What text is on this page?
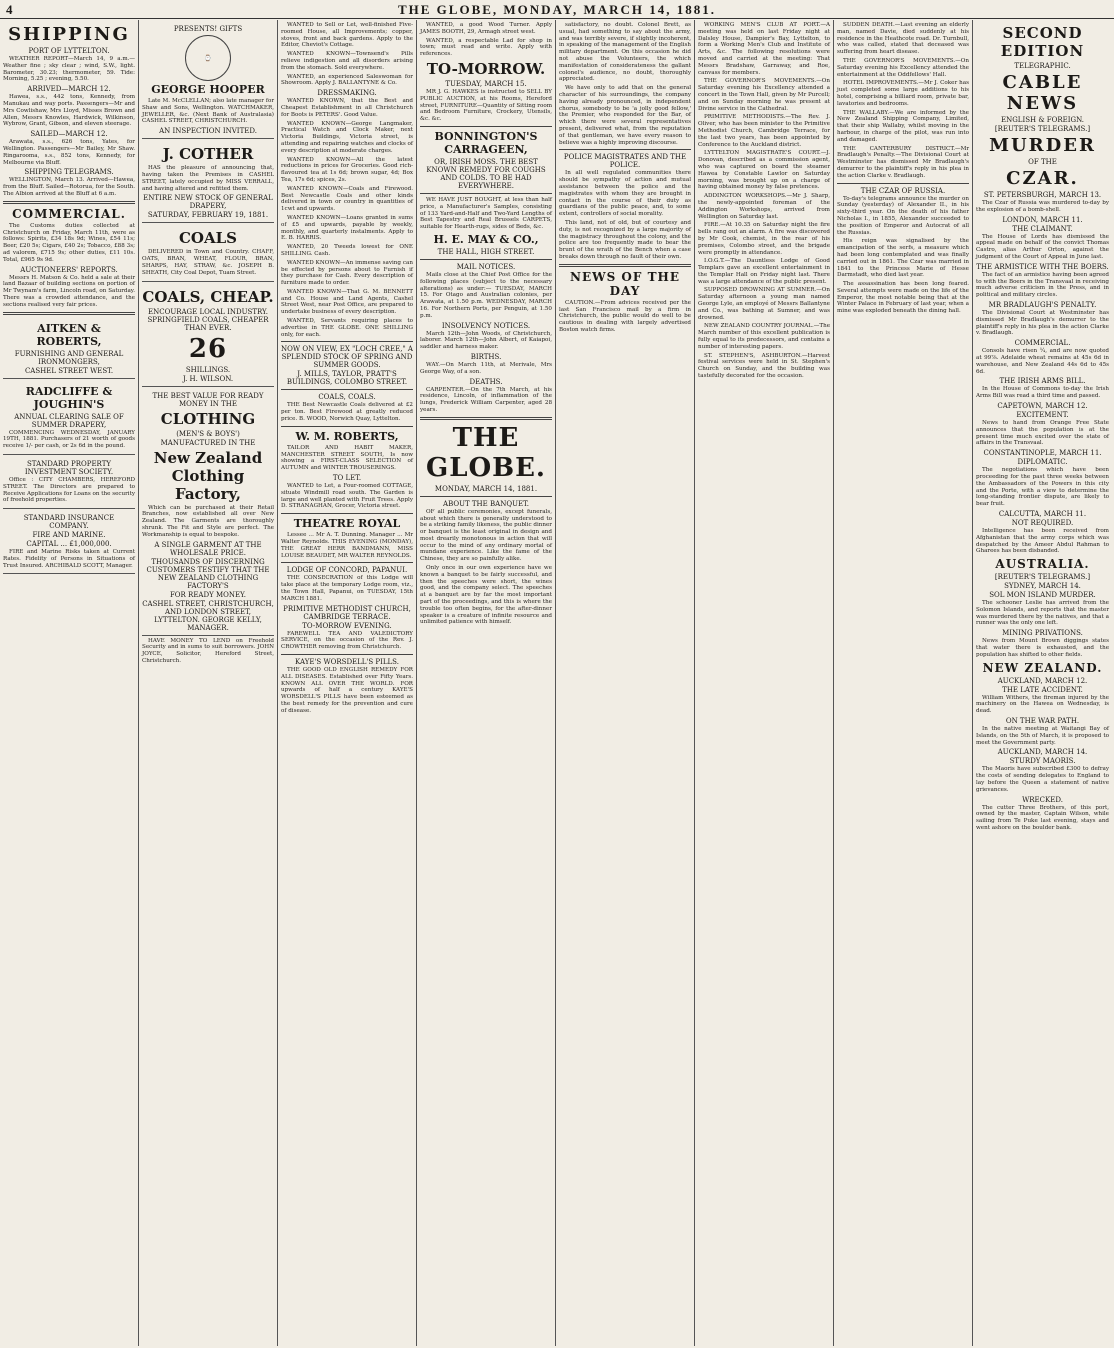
4	THE GLOBE, MONDAY, MARCH 14, 1881.
SHIPPING
PORT OF LYTTELTON.

WEATHER REPORT—March 14, 9 a.m.—Weather fine ; sky clear ; wind, S.W., light. Barometer, 30.23; thermometer, 59. Tide: Morning, 5.25 ; evening, 5.50.

ARRIVED—MARCH 12.

Hawea, s.s., 442 tons, Kennedy, from Manukau and way ports. Passengers—Mr and Mrs Cowlishaw, Mrs Lloyd, Misses Brown and Allen, Messrs Knowles, Hardwick, Wilkinson, Wybrow, Grant, Gibson, and eleven steerage.

SAILED—MARCH 12.

Arawata, s.s., 626 tons, Yates, for Wellington. Passengers—Mr Bailey, Mr Shaw. Ringarooma, s.s., 852 tons, Kennedy, for Melbourne via Bluff.

SHIPPING TELEGRAMS.

WELLINGTON, March 13. Arrived—Hawea, from the Bluff. Sailed—Rotorua, for the South. The Albion arrived at the Bluff at 6 a.m.

COMMERCIAL.

The Customs duties collected at Christchurch on Friday, March 11th, were as follows: Spirits, £34 18s 9d; Wines, £54 11s; Beer, £20 5s; Cigars, £40 2s; Tobacco, £88 3s; ad valorem, £715 9s; other duties, £11 10s. Total, £965 9s 9d.

AUCTIONEERS' REPORTS.

Messrs H. Matson & Co. held a sale at their land Bazaar of building sections on portion of Mr Twynam's farm, Lincoln road, on Saturday. There was a crowded attendance, and the sections realised very fair prices.

AITKEN & ROBERTS,
FURNISHING AND GENERAL IRONMONGERS,
CASHEL STREET WEST.
RADCLIFFE & JOUGHIN'S
ANNUAL CLEARING SALE OF SUMMER DRAPERY,

COMMENCING WEDNESDAY, JANUARY 19TH, 1881. Purchasers of 21 worth of goods receive 1/- per cash, or 2s 6d in the pound.

STANDARD PROPERTY INVESTMENT SOCIETY.

Office : CITY CHAMBERS, HEREFORD STREET. The Directors are prepared to Receive Applications for Loans on the security of freehold properties.

STANDARD INSURANCE COMPANY.
FIRE AND MARINE.
CAPITAL ... £1,000,000.

FIRE and Marine Risks taken at Current Rates. Fidelity of Persons in Situations of Trust Insured. ARCHIBALD SCOTT, Manager.

PRESENTS! GIFTS
⌚
GEORGE HOOPER

Late M. McCLELLAN; also late manager for Shaw and Sons, Wellington. WATCHMAKER, JEWELLER, &c. (Next Bank of Australasia) CASHEL STREET, CHRISTCHURCH.

AN INSPECTION INVITED.
J. COTHER

HAS the pleasure of announcing that, having taken the Premises in CASHEL STREET, lately occupied by MISS VERRALL, and having altered and refitted them.

ENTIRE NEW STOCK OF GENERAL DRAPERY,
SATURDAY, FEBRUARY 19, 1881.
COALS

DELIVERED in Town and Country. CHAFF, OATS, BRAN, WHEAT, FLOUR, BRAN, SHARPS, HAY, STRAW, &c. JOSEPH B. SHEATH, City Coal Depot, Tuam Street.

COALS, CHEAP.
ENCOURAGE LOCAL INDUSTRY. SPRINGFIELD COALS, CHEAPER THAN EVER.
26
SHILLINGS.
J. H. WILSON.
THE BEST VALUE FOR READY MONEY IN THE
CLOTHING
(MEN'S & BOYS')
MANUFACTURED IN THE
New Zealand Clothing Factory,

Which can be purchased at their Retail Branches, now established all over New Zealand. The Garments are thoroughly shrunk. The Fit and Style are perfect. The Workmanship is equal to bespoke.

A SINGLE GARMENT AT THE WHOLESALE PRICE.
THOUSANDS OF DISCERNING CUSTOMERS TESTIFY THAT THE NEW ZEALAND CLOTHING FACTORY'S
FOR READY MONEY.
CASHEL STREET, CHRISTCHURCH, AND LONDON STREET, LYTTELTON. GEORGE KELLY, MANAGER.

HAVE MONEY TO LEND on Freehold Security and in sums to suit borrowers. JOHN JOYCE, Solicitor, Hereford Street, Christchurch.

WANTED to Sell or Let, well-finished Five-roomed House, all Improvements; copper, stoves, front and back gardens. Apply to the Editor, Cheviot's Cottage.

WANTED KNOWN—Townsend's Pills relieve indigestion and all disorders arising from the stomach. Sold everywhere.

WANTED, an experienced Saleswoman for Showroom. Apply J. BALLANTYNE & Co.

DRESSMAKING.

WANTED KNOWN, that the Best and Cheapest Establishment in all Christchurch for Boots is PETERS'. Good Value.

WANTED KNOWN—George Langmaker, Practical Watch and Clock Maker, next Victoria Buildings, Victoria street, is attending and repairing watches and clocks of every description at moderate charges.

WANTED KNOWN—All the latest reductions in prices for Groceries. Good rich-flavoured tea at 1s 6d; brown sugar, 4d; Box Tea, 17s 6d; spices, 2s.

WANTED KNOWN—Coals and Firewood. Best Newcastle Coals and other kinds delivered in town or country in quantities of 1cwt and upwards.

WANTED KNOWN—Loans granted in sums of £5 and upwards, payable by weekly, monthly, and quarterly instalments. Apply to E. B. HARRIS.

WANTED, 20 Tweeds lowest for ONE SHILLING. Cash.

WANTED KNOWN—An immense saving can be effected by persons about to Furnish if they purchase for Cash. Every description of furniture made to order.

WANTED KNOWN—That G. M. BENNETT and Co. House and Land Agents, Cashel Street West, near Post Office, are prepared to undertake business of every description.

WANTED, Servants requiring places to advertise in THE GLOBE. ONE SHILLING only, for each.

NOW ON VIEW, EX "LOCH CREE," A SPLENDID STOCK OF SPRING AND SUMMER GOODS.
J. MILLS, TAYLOR, PRATT'S BUILDINGS, COLOMBO STREET.
COALS, COALS.

THE Best Newcastle Coals delivered at £2 per ton. Best Firewood at greatly reduced price. B. WOOD, Norwich Quay, Lyttelton.

W. M. ROBERTS,

TAILOR AND HABIT MAKER, MANCHESTER STREET SOUTH, Is now showing a FIRST-CLASS SELECTION of AUTUMN and WINTER TROUSERINGS.

TO LET.

WANTED to Let, a Four-roomed COTTAGE, situate Windmill road south. The Garden is large and well planted with Fruit Trees. Apply D. STRANAGHAN, Grocer, Victoria street.

THEATRE ROYAL

Lessee ... Mr A. T. Dunning. Manager ... Mr Walter Reynolds. THIS EVENING (MONDAY), THE GREAT HERR BANDMANN, MISS LOUISE BEAUDET, MR WALTER REYNOLDS.

LODGE OF CONCORD, PAPANUI.

THE CONSECRATION of this Lodge will take place at the temporary Lodge room, viz., the Town Hall, Papanui, on TUESDAY, 15th MARCH 1881.

PRIMITIVE METHODIST CHURCH, CAMBRIDGE TERRACE.
TO-MORROW EVENING.

FAREWELL TEA AND VALEDICTORY SERVICE, on the occasion of the Rev. J. CROWTHER removing from Christchurch.

KAYE'S WORSDELL'S PILLS.

THE GOOD OLD ENGLISH REMEDY FOR ALL DISEASES. Established over Fifty Years. KNOWN ALL OVER THE WORLD. FOR upwards of half a century KAYE'S WORSDELL'S PILLS have been esteemed as the best remedy for the prevention and cure of disease.

WANTED, a good Wood Turner. Apply JAMES BOOTH, 29, Armagh street west.

WANTED, a respectable Lad for shop in town; must read and write. Apply with references.

TO-MORROW.
TUESDAY, MARCH 15.

MR J. G. HAWKES is instructed to SELL BY PUBLIC AUCTION, at his Rooms, Hereford street, FURNITURE—Quantity of Sitting room and Bedroom Furniture, Crockery, Utensils, &c. &c.

BONNINGTON'S CARRAGEEN,
OR, IRISH MOSS. THE BEST KNOWN REMEDY FOR COUGHS AND COLDS. TO BE HAD EVERYWHERE.

WE HAVE JUST BOUGHT, at less than half price, a Manufacturer's Samples, consisting of 133 Yard-and-Half and Two-Yard Lengths of Best Tapestry and Real Brussels CARPETS, suitable for Hearth-rugs, sides of Beds, &c.

H. E. MAY & CO.,
THE HALL, HIGH STREET.
MAIL NOTICES.

Mails close at the Chief Post Office for the following places (subject to the necessary alterations) as under:— TUESDAY, MARCH 15. For Otago and Australian colonies, per Arawata, at 1.50 p.m. WEDNESDAY, MARCH 16. For Northern Ports, per Penguin, at 1.50 p.m.

INSOLVENCY NOTICES.

March 12th—John Woods, of Christchurch, laborer. March 12th—John Albert, of Kaiapoi, saddler and harness maker.

BIRTHS.

WAY.—On March 11th, at Merivale, Mrs George Way, of a son.

DEATHS.

CARPENTER.—On the 7th March, at his residence, Lincoln, of inflammation of the lungs, Frederick William Carpenter, aged 28 years.

THE GLOBE.
MONDAY, MARCH 14, 1881.
ABOUT THE BANQUET.

OF all public ceremonies, except funerals, about which there is generally understood to be a striking family likeness, the public dinner or banquet is the least original in design and most drearily monotonous in action that will occur to the mind of any ordinary mortal of mundane experience. Like the fame of the Chinese, they are so painfully alike.

Only once in our own experience have we known a banquet to be fairly successful, and then the speeches were short, the wines good, and the company select. The speeches at a banquet are by far the most important part of the proceedings, and this is where the trouble too often begins, for the after-dinner speaker is a creature of infinite resource and unlimited patience with himself.

satisfactory, no doubt. Colonel Brett, as usual, had something to say about the army, and was terribly severe, if slightly incoherent, in speaking of the management of the English military department. On this occasion he did not abuse the Volunteers, the which manifestation of considerateness the gallant colonel's audience, no doubt, thoroughly appreciated.

We have only to add that on the general character of his surroundings, the company having already pronounced, in independent chorus, somebody to be 'a jolly good fellow,' the Premier, who responded for the Bar, of which there were several representatives present, delivered what, from the reputation of that gentleman, we have every reason to believe was a highly improving discourse.

POLICE MAGISTRATES AND THE POLICE.

In all well regulated communities there should be sympathy of action and mutual assistance between the police and the magistrates with whom they are brought in contact in the course of their duty as guardians of the public peace, and, to some extent, controllers of social morality.

This land, not of old, but of courtesy and duty, is not recognized by a large majority of the magistracy throughout the colony, and the police are too frequently made to bear the brunt of the wrath of the Bench when a case breaks down through no fault of their own.

NEWS OF THE DAY

CAUTION.—From advices received per the last San Francisco mail by a firm in Christchurch, the public would do well to be cautious in dealing with largely advertised Boston watch firms.

WORKING MEN'S CLUB AT PORT.—A meeting was held on last Friday night at Dalsley House, Dampier's Bay, Lyttelton, to form a Working Men's Club and Institute of Arts, &c. The following resolutions were moved and carried at the meeting: That Messrs Bradshaw, Garraway, and Roe, canvass for members.

THE GOVERNOR'S MOVEMENTS.—On Saturday evening his Excellency attended a concert in the Town Hall, given by Mr Purcell; and on Sunday morning he was present at Divine service in the Cathedral.

PRIMITIVE METHODISTS.—The Rev. J. Oliver, who has been minister to the Primitive Methodist Church, Cambridge Terrace, for the last two years, has been appointed by Conference to the Auckland district.

LYTTELTON MAGISTRATE'S COURT.—J. Donovan, described as a commission agent, who was captured on board the steamer Hawea by Constable Lawlor on Saturday morning, was brought up on a charge of having obtained money by false pretences.

ADDINGTON WORKSHOPS.—Mr J. Sharp, the newly-appointed foreman of the Addington Workshops, arrived from Wellington on Saturday last.

FIRE.—At 10.35 on Saturday night the fire bells rang out an alarm. A fire was discovered by Mr Cook, chemist, in the rear of his premises, Colombo street, and the brigade were promptly in attendance.

I.O.G.T.—The Dauntless Lodge of Good Templars gave an excellent entertainment in the Templar Hall on Friday night last. There was a large attendance of the public present.

SUPPOSED DROWNING AT SUMNER.—On Saturday afternoon a young man named George Lyle, an employé of Messrs Ballantyne and Co., was bathing at Sumner, and was drowned.

NEW ZEALAND COUNTRY JOURNAL.—The March number of this excellent publication is fully equal to its predecessors, and contains a number of interesting papers.

ST. STEPHEN'S, ASHBURTON.—Harvest festival services were held in St. Stephen's Church on Sunday, and the building was tastefully decorated for the occasion.

SUDDEN DEATH.—Last evening an elderly man, named Davie, died suddenly at his residence in the Heathcote road. Dr. Turnbull, who was called, stated that deceased was suffering from heart disease.

THE GOVERNOR'S MOVEMENTS.—On Saturday evening his Excellency attended the entertainment at the Oddfellows' Hall.

HOTEL IMPROVEMENTS.—Mr J. Coker has just completed some large additions to his hotel, comprising a billiard room, private bar, lavatories and bedrooms.

THE WALLABY.—We are informed by the New Zealand Shipping Company, Limited, that their ship Wallaby, whilst moving in the harbour, in charge of the pilot, was run into and damaged.

THE CANTERBURY DISTRICT.—Mr Bradlaugh's Penalty.—The Divisional Court at Westminster has dismissed Mr Bradlaugh's demurrer to the plaintiff's reply in his plea in the action Clarke v. Bradlaugh.

THE CZAR OF RUSSIA.

To-day's telegrams announce the murder on Sunday (yesterday) of Alexander II., in his sixty-third year. On the death of his father Nicholas I., in 1855, Alexander succeeded to the position of Emperor and Autocrat of all the Russias.

His reign was signalised by the emancipation of the serfs, a measure which had been long contemplated and was finally carried out in 1861. The Czar was married in 1841 to the Princess Marie of Hesse Darmstadt, who died last year.

The assassination has been long feared. Several attempts were made on the life of the Emperor, the most notable being that at the Winter Palace in February of last year, when a mine was exploded beneath the dining hall.

SECOND EDITION
TELEGRAPHIC.
CABLE NEWS
ENGLISH & FOREIGN.
[REUTER'S TELEGRAMS.]
MURDER
OF THE
CZAR.
ST. PETERSBURGH, MARCH 13.

The Czar of Russia was murdered to-day by the explosion of a bomb-shell.

LONDON, MARCH 11.
THE CLAIMANT.

The House of Lords has dismissed the appeal made on behalf of the convict Thomas Castro, alias Arthur Orton, against the judgment of the Court of Appeal in June last.

THE ARMISTICE WITH THE BOERS.

The fact of an armistice having been agreed to with the Boers in the Transvaal in receiving much adverse criticism in the Press, and in political and military circles.

MR BRADLAUGH'S PENALTY.

The Divisional Court at Westminster has dismissed Mr Bradlaugh's demurrer to the plaintiff's reply in his plea in the action Clarke v. Bradlaugh.

COMMERCIAL.

Consols have risen ¼, and are now quoted at 99⅞. Adelaide wheat remains at 45s 6d in warehouse, and New Zealand 44s 6d to 45s 6d.

THE IRISH ARMS BILL.

In the House of Commons to-day the Irish Arms Bill was read a third time and passed.

CAPETOWN, MARCH 12.
EXCITEMENT.

News to hand from Orange Free State announces that the population is at the present time much excited over the state of affairs in the Transvaal.

CONSTANTINOPLE, MARCH 11.
DIPLOMATIC.

The negotiations which have been proceeding for the past three weeks between the Ambassadors of the Powers in this city and the Porte, with a view to determine the long-standing frontier dispute, are likely to bear fruit.

CALCUTTA, MARCH 11.
NOT REQUIRED.

Intelligence has been received from Afghanistan that the army corps which was despatched by the Ameer Abdul Rahman to Gharees has been disbanded.

AUSTRALIA.
[REUTER'S TELEGRAMS.]
SYDNEY, MARCH 14.
SOL MON ISLAND MURDER.

The schooner Leslie has arrived from the Solomon Islands, and reports that the master was murdered there by the natives, and that a runner was the only one left.

MINING PRIVATIONS.

News from Mount Brown diggings states that water there is exhausted, and the population has shifted to other fields.

NEW ZEALAND.
AUCKLAND, MARCH 12.
THE LATE ACCIDENT.

William Withers, the fireman injured by the machinery on the Hawea on Wednesday, is dead.

ON THE WAR PATH.

In the native meeting at Waitangi Bay of Islands, on the 5th of March, it is proposed to meet the Government party.

AUCKLAND, MARCH 14.
STURDY MAORIS.

The Maoris have subscribed £300 to defray the costs of sending delegates to England to lay before the Queen a statement of native grievances.

WRECKED.

The cutter Three Brothers, of this port, owned by the master, Captain Wilson, while sailing from Te Puke last evening, stays and went ashore on the boulder bank.
